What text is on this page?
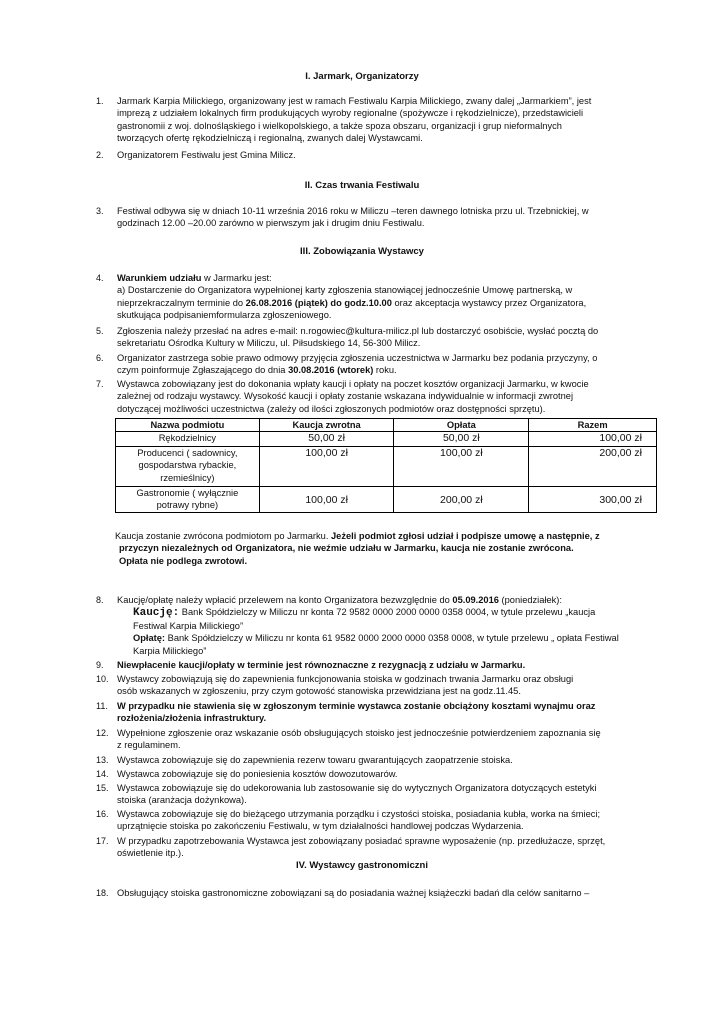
I. Jarmark, Organizatorzy
1. Jarmark Karpia Milickiego, organizowany jest w ramach Festiwalu Karpia Milickiego, zwany dalej „Jarmarkiem”, jest
imprezą z udziałem lokalnych firm produkujących wyroby regionalne (spożywcze i rękodzielnicze), przedstawicieli
gastronomii z woj. dolnośląskiego i wielkopolskiego, a także spoza obszaru, organizacji i grup nieformalnych
tworzących ofertę rękodzielniczą i regionalną, zwanych dalej Wystawcami.
2. Organizatorem Festiwalu jest Gmina Milicz.
II. Czas trwania Festiwalu
3. Festiwal odbywa się w dniach 10-11 września 2016 roku w Miliczu –teren dawnego lotniska przu ul. Trzebnickiej, w
godzinach 12.00 –20.00 zarówno w pierwszym jak i drugim dniu Festiwalu.
III. Zobowiązania Wystawcy
4. Warunkiem udziału w Jarmarku jest:
a) Dostarczenie do Organizatora wypełnionej karty zgłoszenia stanowiącej jednocześnie Umowę partnerską, w
nieprzekraczalnym terminie do 26.08.2016 (piątek) do godz.10.00 oraz akceptacja wystawcy przez Organizatora,
skutkująca podpisaniemformularza zgłoszeniowego.
5. Zgłoszenia należy przesłać na adres e-mail: n.rogowiec@kultura-milicz.pl lub dostarczyć osobiście, wysłać pocztą do
sekretariatu Ośrodka Kultury w Miliczu, ul. Piłsudskiego 14, 56-300 Milicz.
6. Organizator zastrzega sobie prawo odmowy przyjęcia zgłoszenia uczestnictwa w Jarmarku bez podania przyczyny, o
czym poinformuje Zgłaszającego do dnia 30.08.2016 (wtorek) roku.
7. Wystawca zobowiązany jest do dokonania wpłaty kaucji i opłaty na poczet kosztów organizacji Jarmarku, w kwocie
zależnej od rodzaju wystawcy. Wysokość kaucji i opłaty zostanie wskazana indywidualnie w informacji zwrotnej
dotyczącej możliwości uczestnictwa (zależy od ilości zgłoszonych podmiotów oraz dostępności sprzętu).
Nazwa podmiotu	Kaucja zwrotna	Opłata	Razem

Rękodzielnicy	50,00 zł	50,00 zł	100,00 zł

Producenci ( sadownicy,
gospodarstwa rybackie,
rzemieślnicy)	100,00 zł	100,00 zł	200,00 zł

Gastronomie ( wyłącznie
potrawy rybne)	100,00 zł	200,00 zł	300,00 zł
Kaucja zostanie zwrócona podmiotom po Jarmarku. Jeżeli podmiot zgłosi udział i podpisze umowę a następnie, z
przyczyn niezależnych od Organizatora, nie weźmie udziału w Jarmarku, kaucja nie zostanie zwrócona.
Opłata nie podlega zwrotowi.
8. Kaucję/opłatę należy wpłacić przelewem na konto Organizatora bezwzględnie do 05.09.2016 (poniedziałek):
Kaucję: Bank Spółdzielczy w Miliczu nr konta 72 9582 0000 2000 0000 0358 0004, w tytule przelewu „kaucja
Festiwal Karpia Milickiego”
Opłatę: Bank Spółdzielczy w Miliczu nr konta 61 9582 0000 2000 0000 0358 0008, w tytule przelewu „ opłata Festiwal
Karpia Milickiego”
9. Niewpłacenie kaucji/opłaty w terminie jest równoznaczne z rezygnacją z udziału w Jarmarku.
10. Wystawcy zobowiązują się do zapewnienia funkcjonowania stoiska w godzinach trwania Jarmarku oraz obsługi
osób wskazanych w zgłoszeniu, przy czym gotowość stanowiska przewidziana jest na godz.11.45.
11. W przypadku nie stawienia się w zgłoszonym terminie wystawca zostanie obciążony kosztami wynajmu oraz
rozłożenia/złożenia infrastruktury.
12. Wypełnione zgłoszenie oraz wskazanie osób obsługujących stoisko jest jednocześnie potwierdzeniem zapoznania się
z regulaminem.
13. Wystawca zobowiązuje się do zapewnienia rezerw towaru gwarantujących zaopatrzenie stoiska.
14. Wystawca zobowiązuje się do poniesienia kosztów dowozutowarów.
15. Wystawca zobowiązuje się do udekorowania lub zastosowanie się do wytycznych Organizatora dotyczących estetyki
stoiska (aranżacja dożynkowa).
16. Wystawca zobowiązuje się do bieżącego utrzymania porządku i czystości stoiska, posiadania kubła, worka na śmieci;
uprzątnięcie stoiska po zakończeniu Festiwalu, w tym działalności handlowej podczas Wydarzenia.
17. W przypadku zapotrzebowania Wystawca jest zobowiązany posiadać sprawne wyposażenie (np. przedłużacze, sprzęt,
oświetlenie itp.).
IV. Wystawcy gastronomiczni
18. Obsługujący stoiska gastronomiczne zobowiązani są do posiadania ważnej książeczki badań dla celów sanitarno –
